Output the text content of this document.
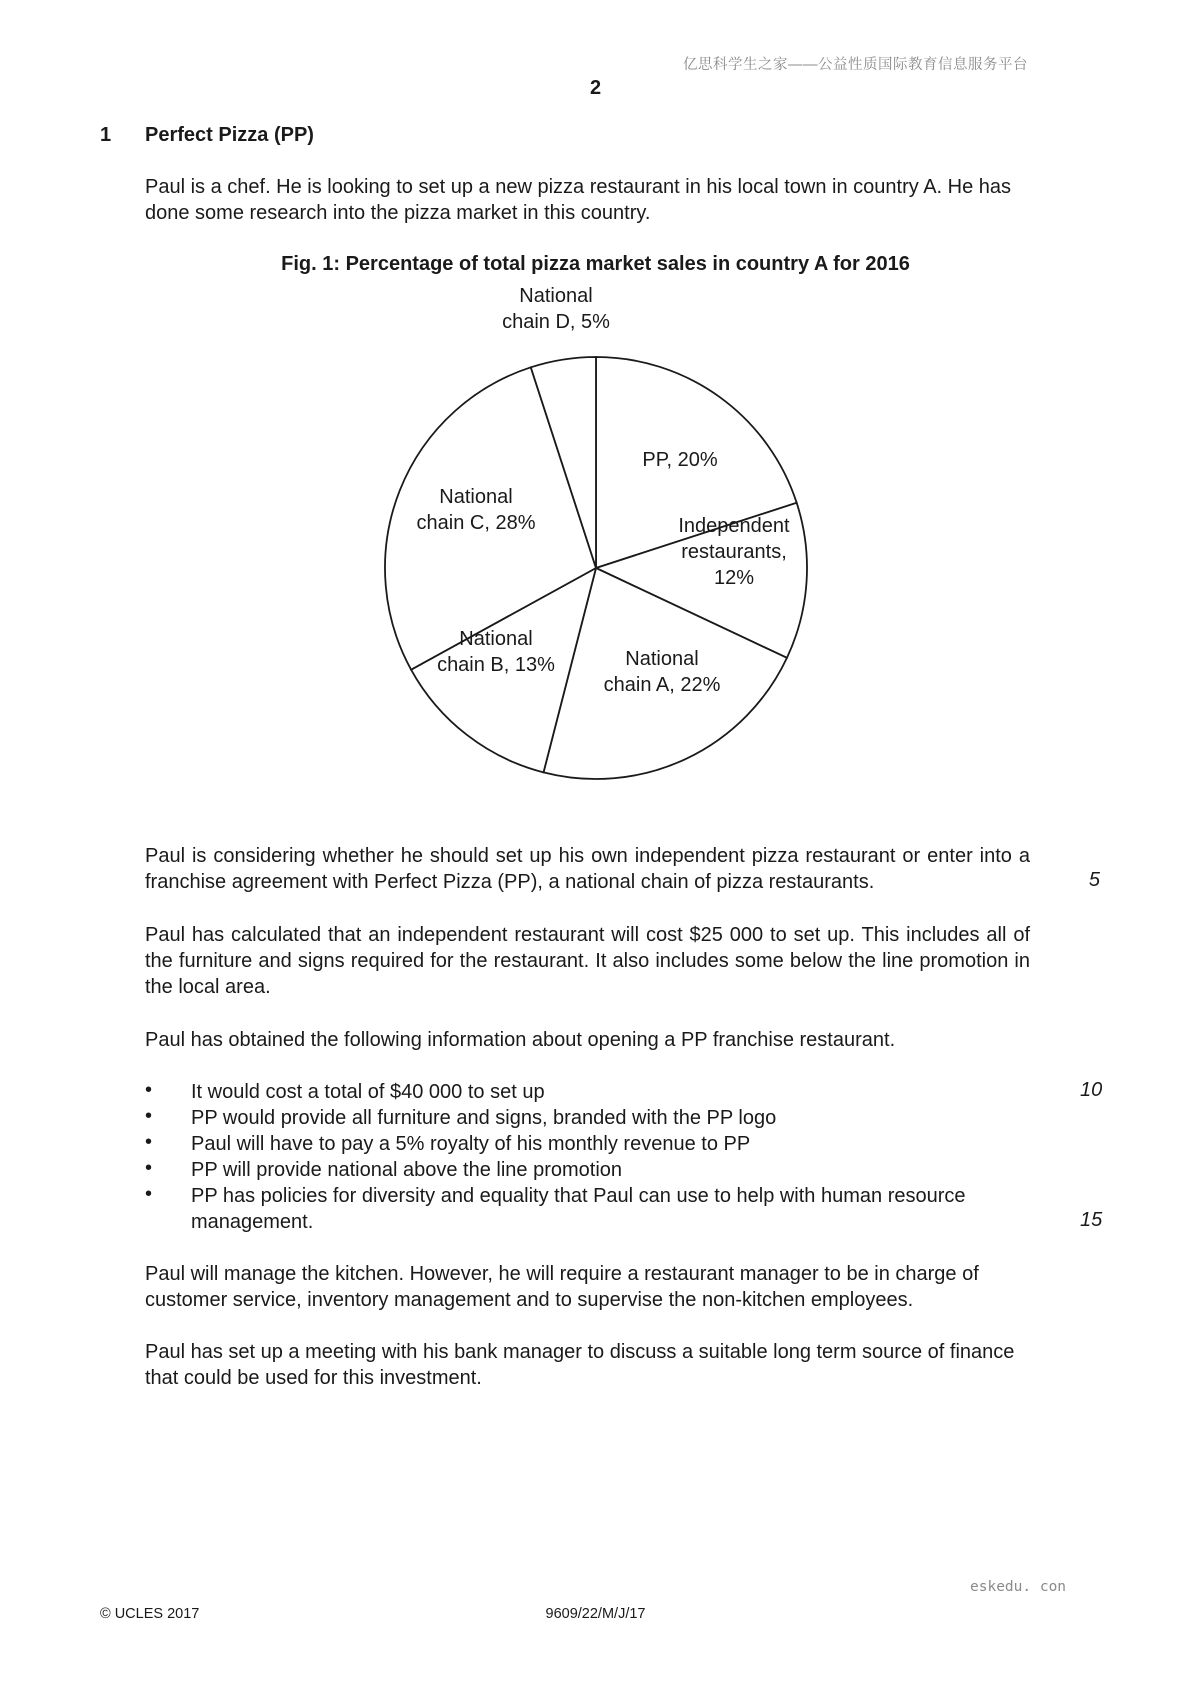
亿思科学生之家——公益性质国际教育信息服务平台
2
1 Perfect Pizza (PP)
Paul is a chef. He is looking to set up a new pizza restaurant in his local town in country A. He has done some research into the pizza market in this country.
Fig. 1: Percentage of total pizza market sales in country A for 2016
PP, 20%
Independent restaurants, 12%
National chain A, 22%
National chain B, 13%
National chain C, 28%
National chain D, 5%
Paul is considering whether he should set up his own independent pizza restaurant or enter into a franchise agreement with Perfect Pizza (PP), a national chain of pizza restaurants.	5
Paul has calculated that an independent restaurant will cost $25 000 to set up. This includes all of the furniture and signs required for the restaurant. It also includes some below the line promotion in the local area.
Paul has obtained the following information about opening a PP franchise restaurant.
• It would cost a total of $40 000 to set up	10
• PP would provide all furniture and signs, branded with the PP logo
• Paul will have to pay a 5% royalty of his monthly revenue to PP
• PP will provide national above the line promotion
• PP has policies for diversity and equality that Paul can use to help with human resource management.	15
Paul will manage the kitchen. However, he will require a restaurant manager to be in charge of customer service, inventory management and to supervise the non-kitchen employees.
Paul has set up a meeting with his bank manager to discuss a suitable long term source of finance that could be used for this investment.
eskedu. con
© UCLES 2017	9609/22/M/J/17
